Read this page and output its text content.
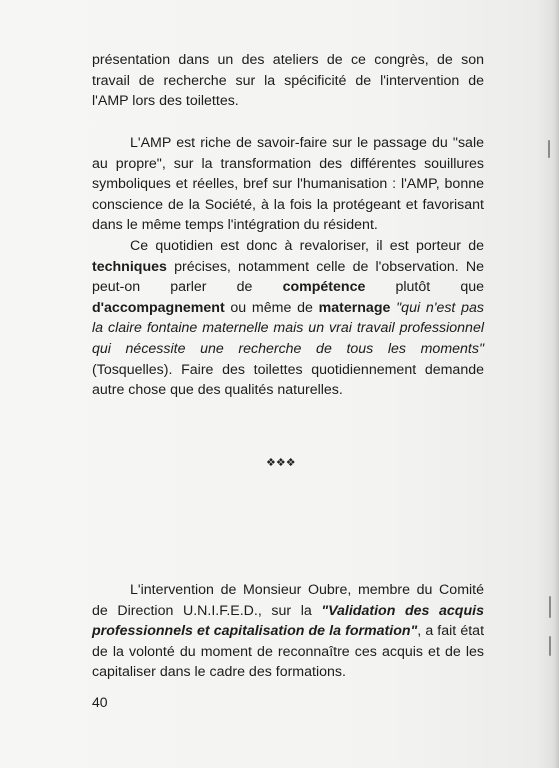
présentation dans un des ateliers de ce congrès, de son travail de recherche sur la spécificité de l'intervention de l'AMP lors des toilettes.

L'AMP est riche de savoir-faire sur le passage du "sale au propre", sur la transformation des différentes souillures symboliques et réelles, bref sur l'humanisation : l'AMP, bonne conscience de la Société, à la fois la protégeant et favorisant dans le même temps l'intégration du résident.

Ce quotidien est donc à revaloriser, il est porteur de techniques précises, notamment celle de l'observation. Ne peut-on parler de compétence plutôt que d'accompagnement ou même de maternage "qui n'est pas la claire fontaine maternelle mais un vrai travail professionnel qui nécessite une recherche de tous les moments" (Tosquelles). Faire des toilettes quotidiennement demande autre chose que des qualités naturelles.

❖❖❖

L'intervention de Monsieur Oubre, membre du Comité de Direction U.N.I.F.E.D., sur la "Validation des acquis professionnels et capitalisation de la formation", a fait état de la volonté du moment de reconnaître ces acquis et de les capitaliser dans le cadre des formations.

40
